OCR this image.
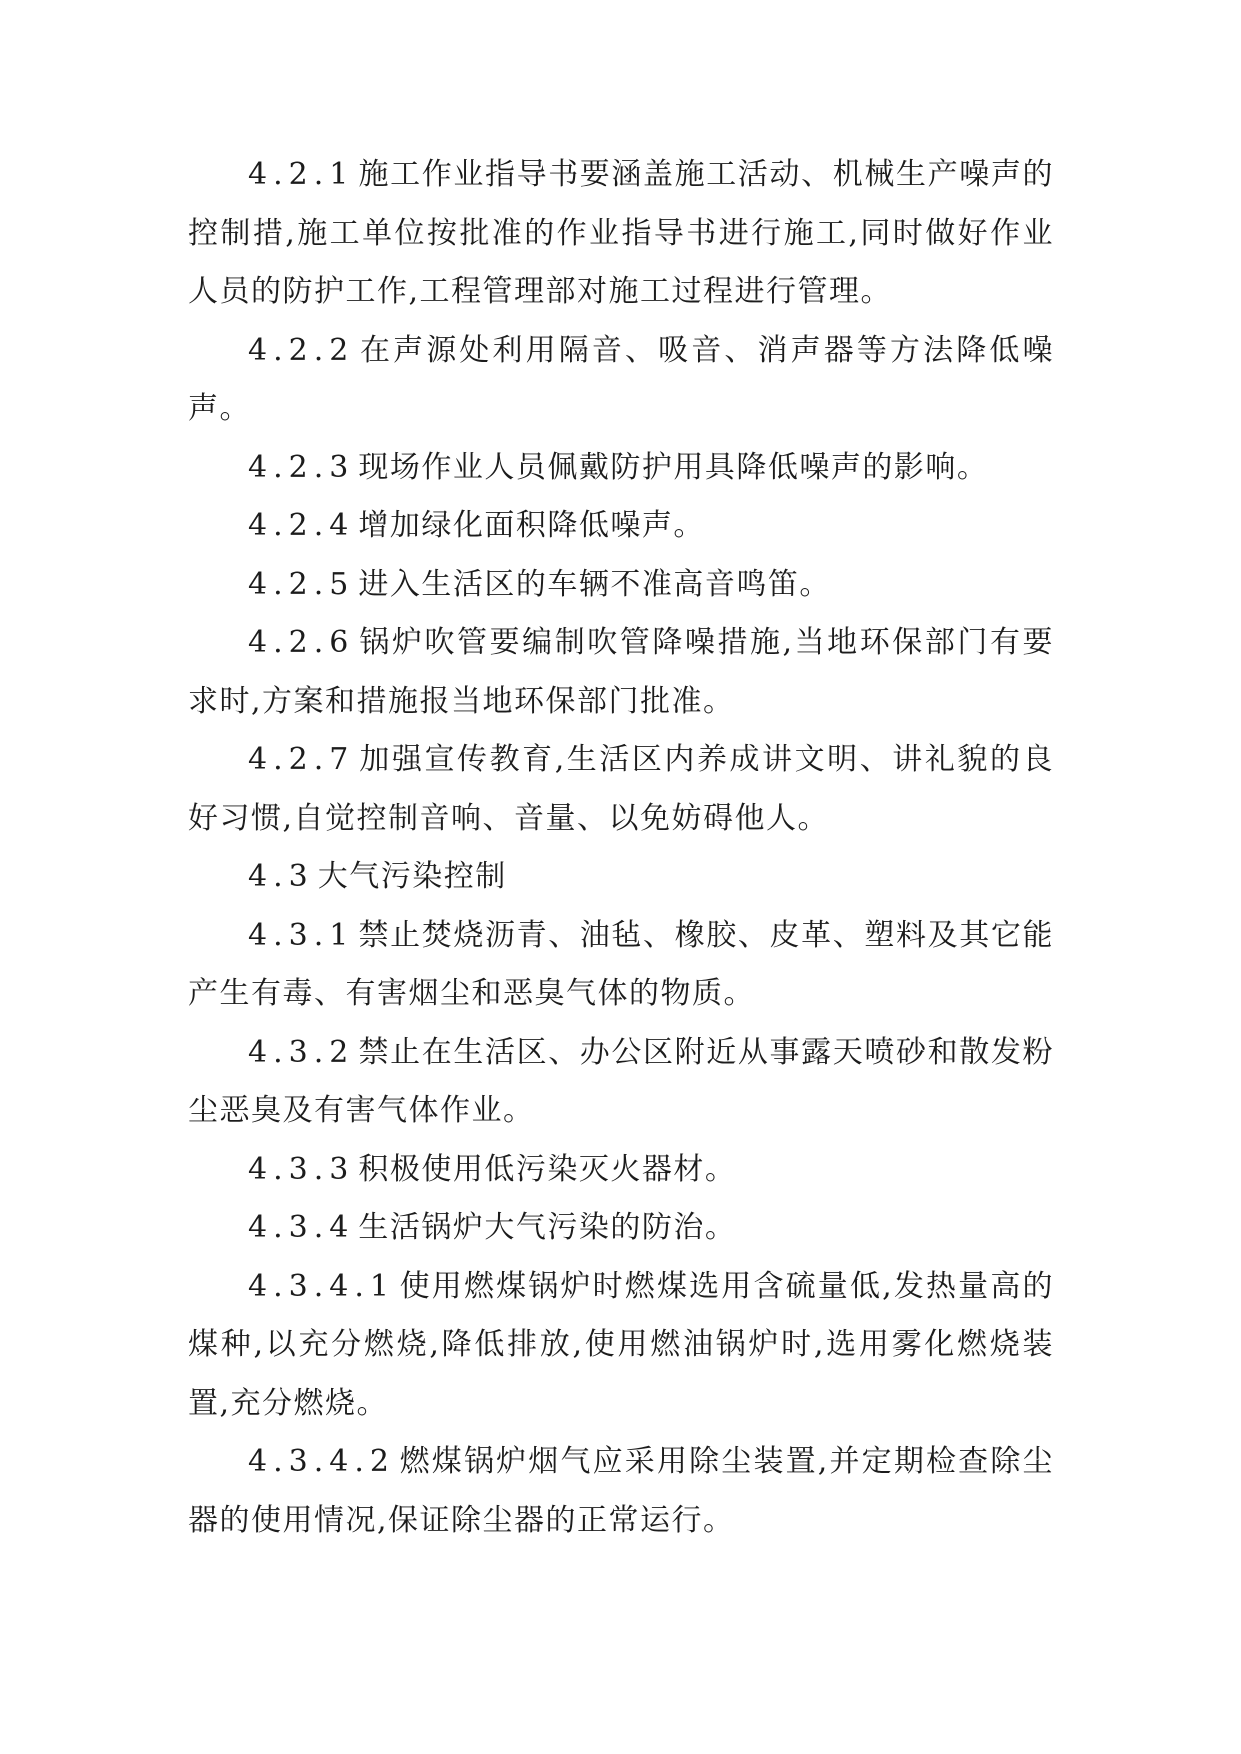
4.2.1 施工作业指导书要涵盖施工活动、机械生产噪声的控制措,施工单位按批准的作业指导书进行施工,同时做好作业人员的防护工作,工程管理部对施工过程进行管理。

4.2.2 在声源处利用隔音、吸音、消声器等方法降低噪声。

4.2.3 现场作业人员佩戴防护用具降低噪声的影响。

4.2.4 增加绿化面积降低噪声。

4.2.5 进入生活区的车辆不准高音鸣笛。

4.2.6 锅炉吹管要编制吹管降噪措施,当地环保部门有要求时,方案和措施报当地环保部门批准。

4.2.7 加强宣传教育,生活区内养成讲文明、讲礼貌的良好习惯,自觉控制音响、音量、以免妨碍他人。

4.3 大气污染控制

4.3.1 禁止焚烧沥青、油毡、橡胶、皮革、塑料及其它能产生有毒、有害烟尘和恶臭气体的物质。

4.3.2 禁止在生活区、办公区附近从事露天喷砂和散发粉尘恶臭及有害气体作业。

4.3.3 积极使用低污染灭火器材。

4.3.4 生活锅炉大气污染的防治。

4.3.4.1 使用燃煤锅炉时燃煤选用含硫量低,发热量高的煤种,以充分燃烧,降低排放,使用燃油锅炉时,选用雾化燃烧装置,充分燃烧。

4.3.4.2 燃煤锅炉烟气应采用除尘装置,并定期检查除尘器的使用情况,保证除尘器的正常运行。
